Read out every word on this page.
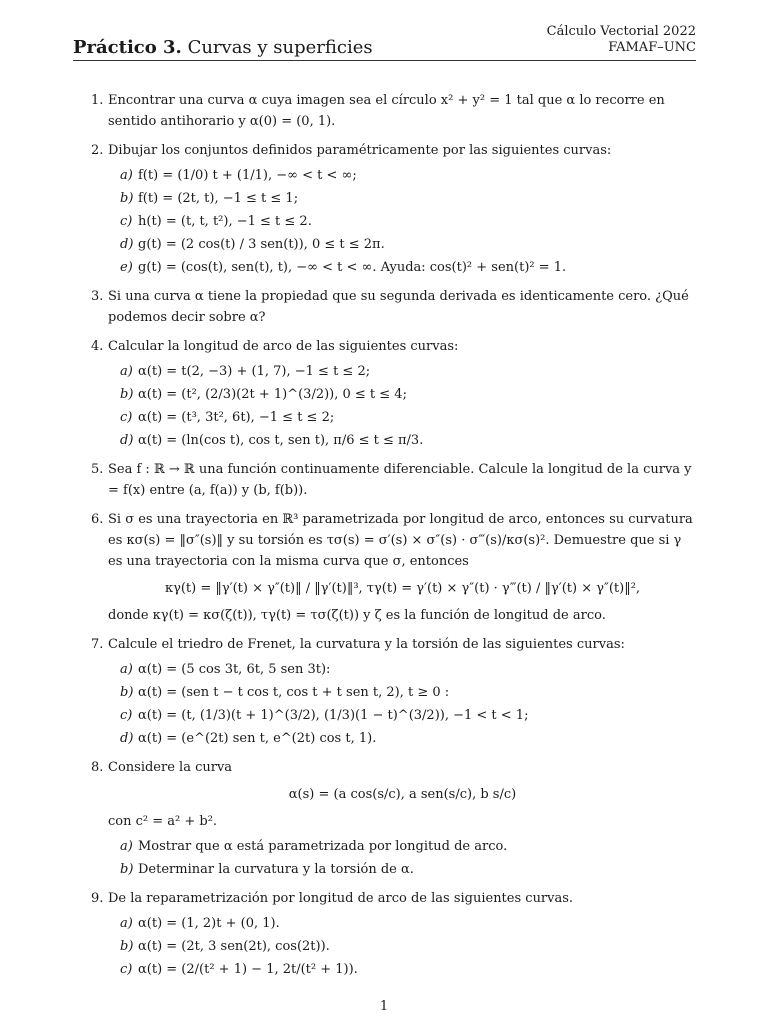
Práctico 3. Curvas y superficies
Cálculo Vectorial 2022
FAMAF–UNC
1. Encontrar una curva α cuya imagen sea el círculo x² + y² = 1 tal que α lo recorre en sentido antihorario y α(0) = (0, 1).
2. Dibujar los conjuntos definidos paramétricamente por las siguientes curvas:
a) f(t) = (1/0) t + (1/1), −∞ < t < ∞;
b) f(t) = (2t, t), −1 ≤ t ≤ 1;
c) h(t) = (t, t, t²), −1 ≤ t ≤ 2.
d) g(t) = (2 cos(t) / 3 sen(t)), 0 ≤ t ≤ 2π.
e) g(t) = (cos(t), sen(t), t), −∞ < t < ∞. Ayuda: cos(t)² + sen(t)² = 1.
3. Si una curva α tiene la propiedad que su segunda derivada es identicamente cero. ¿Qué podemos decir sobre α?
4. Calcular la longitud de arco de las siguientes curvas:
a) α(t) = t(2, −3) + (1, 7), −1 ≤ t ≤ 2;
b) α(t) = (t², (2/3)(2t + 1)^(3/2)), 0 ≤ t ≤ 4;
c) α(t) = (t³, 3t², 6t), −1 ≤ t ≤ 2;
d) α(t) = (ln(cos t), cos t, sen t), π/6 ≤ t ≤ π/3.
5. Sea f : ℝ → ℝ una función continuamente diferenciable. Calcule la longitud de la curva y = f(x) entre (a, f(a)) y (b, f(b)).
6. Si σ es una trayectoria en ℝ³ parametrizada por longitud de arco, entonces su curvatura es κσ(s) = ‖σ″(s)‖ y su torsión es τσ(s) = σ′(s) × σ″(s) · σ‴(s)/κσ(s)². Demuestre que si γ es una trayectoria con la misma curva que σ, entonces
κγ(t) = ‖γ′(t) × γ″(t)‖ / ‖γ′(t)‖³, τγ(t) = γ′(t) × γ″(t) · γ‴(t) / ‖γ′(t) × γ″(t)‖²,
donde κγ(t) = κσ(ζ(t)), τγ(t) = τσ(ζ(t)) y ζ es la función de longitud de arco.
7. Calcule el triedro de Frenet, la curvatura y la torsión de las siguientes curvas:
a) α(t) = (5 cos 3t, 6t, 5 sen 3t):
b) α(t) = (sen t − t cos t, cos t + t sen t, 2), t ≥ 0 :
c) α(t) = (t, (1/3)(t + 1)^(3/2), (1/3)(1 − t)^(3/2)), −1 < t < 1;
d) α(t) = (e^(2t) sen t, e^(2t) cos t, 1).
8. Considere la curva
α(s) = (a cos(s/c), a sen(s/c), b s/c)
con c² = a² + b².
a) Mostrar que α está parametrizada por longitud de arco.
b) Determinar la curvatura y la torsión de α.
9. De la reparametrización por longitud de arco de las siguientes curvas.
a) α(t) = (1, 2)t + (0, 1).
b) α(t) = (2t, 3 sen(2t), cos(2t)).
c) α(t) = (2/(t² + 1) − 1, 2t/(t² + 1)).
1
